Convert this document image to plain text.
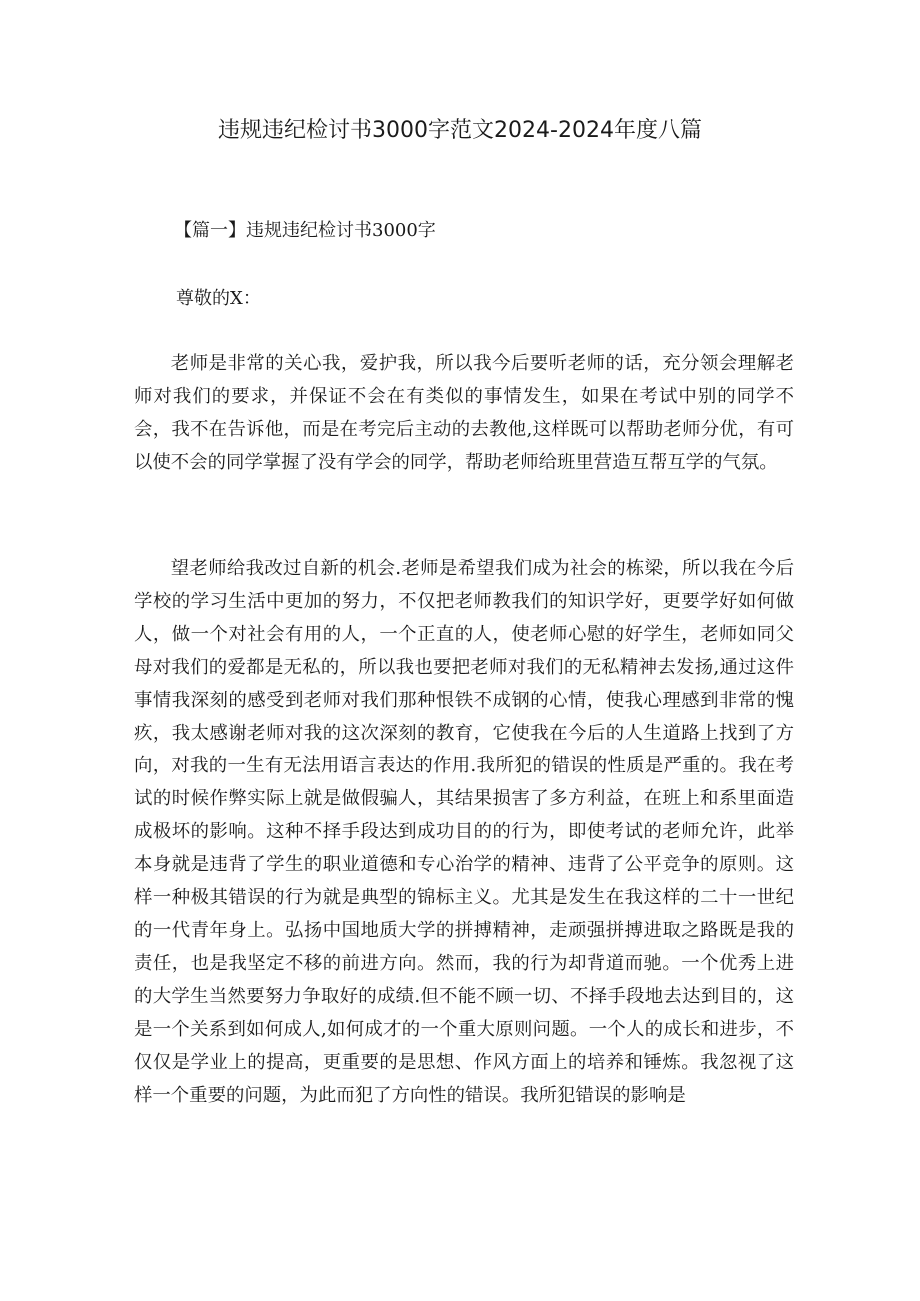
违规违纪检讨书3000字范文2024-2024年度八篇
【篇一】违规违纪检讨书3000字
尊敬的X：

老师是非常的关心我，爱护我，所以我今后要听老师的话，充分领会理解老师对我们的要求，并保证不会在有类似的事情发生，如果在考试中别的同学不会，我不在告诉他，而是在考完后主动的去教他,这样既可以帮助老师分优，有可以使不会的同学掌握了没有学会的同学，帮助老师给班里营造互帮互学的气氛。

望老师给我改过自新的机会.老师是希望我们成为社会的栋梁，所以我在今后学校的学习生活中更加的努力，不仅把老师教我们的知识学好，更要学好如何做人，做一个对社会有用的人，一个正直的人，使老师心慰的好学生，老师如同父母对我们的爱都是无私的，所以我也要把老师对我们的无私精神去发扬,通过这件事情我深刻的感受到老师对我们那种恨铁不成钢的心情，使我心理感到非常的愧疚，我太感谢老师对我的这次深刻的教育，它使我在今后的人生道路上找到了方向，对我的一生有无法用语言表达的作用.我所犯的错误的性质是严重的。我在考试的时候作弊实际上就是做假骗人，其结果损害了多方利益，在班上和系里面造成极坏的影响。这种不择手段达到成功目的的行为，即使考试的老师允许，此举本身就是违背了学生的职业道德和专心治学的精神、违背了公平竞争的原则。这样一种极其错误的行为就是典型的锦标主义。尤其是发生在我这样的二十一世纪的一代青年身上。弘扬中国地质大学的拼搏精神，走顽强拼搏进取之路既是我的责任，也是我坚定不移的前进方向。然而，我的行为却背道而驰。一个优秀上进的大学生当然要努力争取好的成绩.但不能不顾一切、不择手段地去达到目的，这是一个关系到如何成人,如何成才的一个重大原则问题。一个人的成长和进步，不仅仅是学业上的提高，更重要的是思想、作风方面上的培养和锤炼。我忽视了这样一个重要的问题，为此而犯了方向性的错误。我所犯错误的影响是
